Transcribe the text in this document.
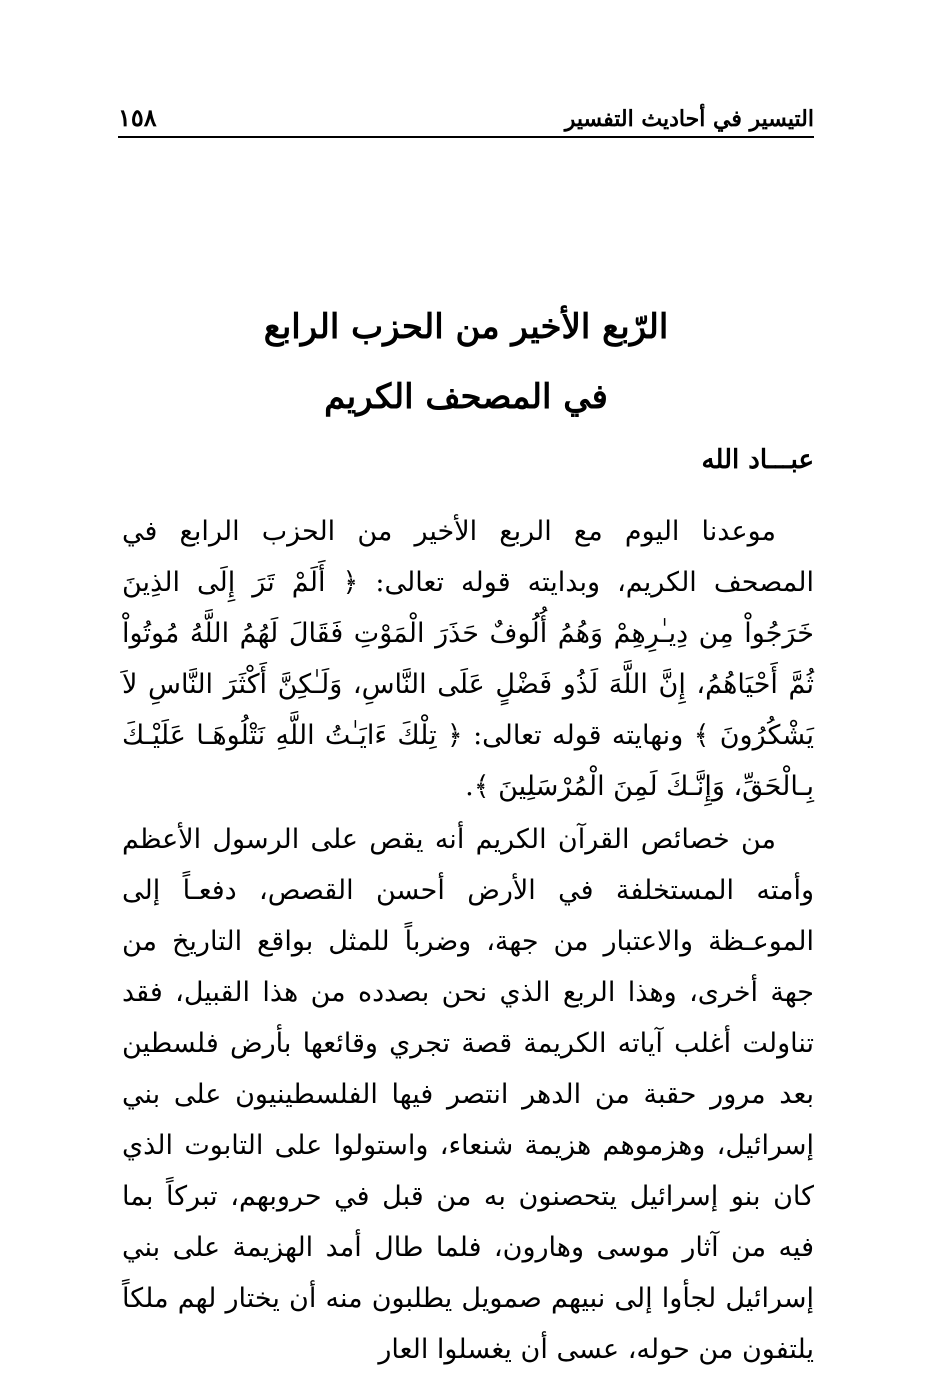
التيسير في أحاديث التفسير
١٥٨
الرّبع الأخير من الحزب الرابع
في المصحف الكريم
عبـــاد الله

موعدنا اليوم مع الربع الأخير من الحزب الرابع في المصحف الكريم، وبدايته قوله تعالى: ﴿ أَلَمْ تَرَ إِلَى الذِينَ خَرَجُواْ مِن دِيـٰرِهِمْ وَهُمُ أُلُوفٌ حَذَرَ الْمَوْتِ فَقَالَ لَهُمُ اللَّهُ مُوتُواْ ثُمَّ أَحْيَاهُمُ، إِنَّ اللَّهَ لَذُو فَضْلٍ عَلَى النَّاسِ، وَلَـٰكِنَّ أَكْثَرَ النَّاسِ لاَ يَشْكُرُونَ ﴾ ونهايته قوله تعالى: ﴿ تِلْكَ ءَايَـٰتُ اللَّهِ نَتْلُوهَـا عَلَيْـكَ بِـالْحَقِّ، وَإِنَّـكَ لَمِنَ الْمُرْسَلِينَ ﴾.

من خصائص القرآن الكريم أنه يقص على الرسول الأعظم وأمته المستخلفة في الأرض أحسن القصص، دفعـاً إلى الموعـظة والاعتبار من جهة، وضرباً للمثل بواقع التاريخ من جهة أخرى، وهذا الربع الذي نحن بصدده من هذا القبيل، فقد تناولت أغلب آياته الكريمة قصة تجري وقائعها بأرض فلسطين بعد مرور حقبة من الدهر انتصر فيها الفلسطينيون على بني إسرائيل، وهزموهم هزيمة شنعاء، واستولوا على التابوت الذي كان بنو إسرائيل يتحصنون به من قبل في حروبهم، تبركاً بما فيه من آثار موسى وهارون، فلما طال أمد الهزيمة على بني إسرائيل لجأوا إلى نبيهم صمويل يطلبون منه أن يختار لهم ملكاً يلتفون من حوله، عسى أن يغسلوا العار
